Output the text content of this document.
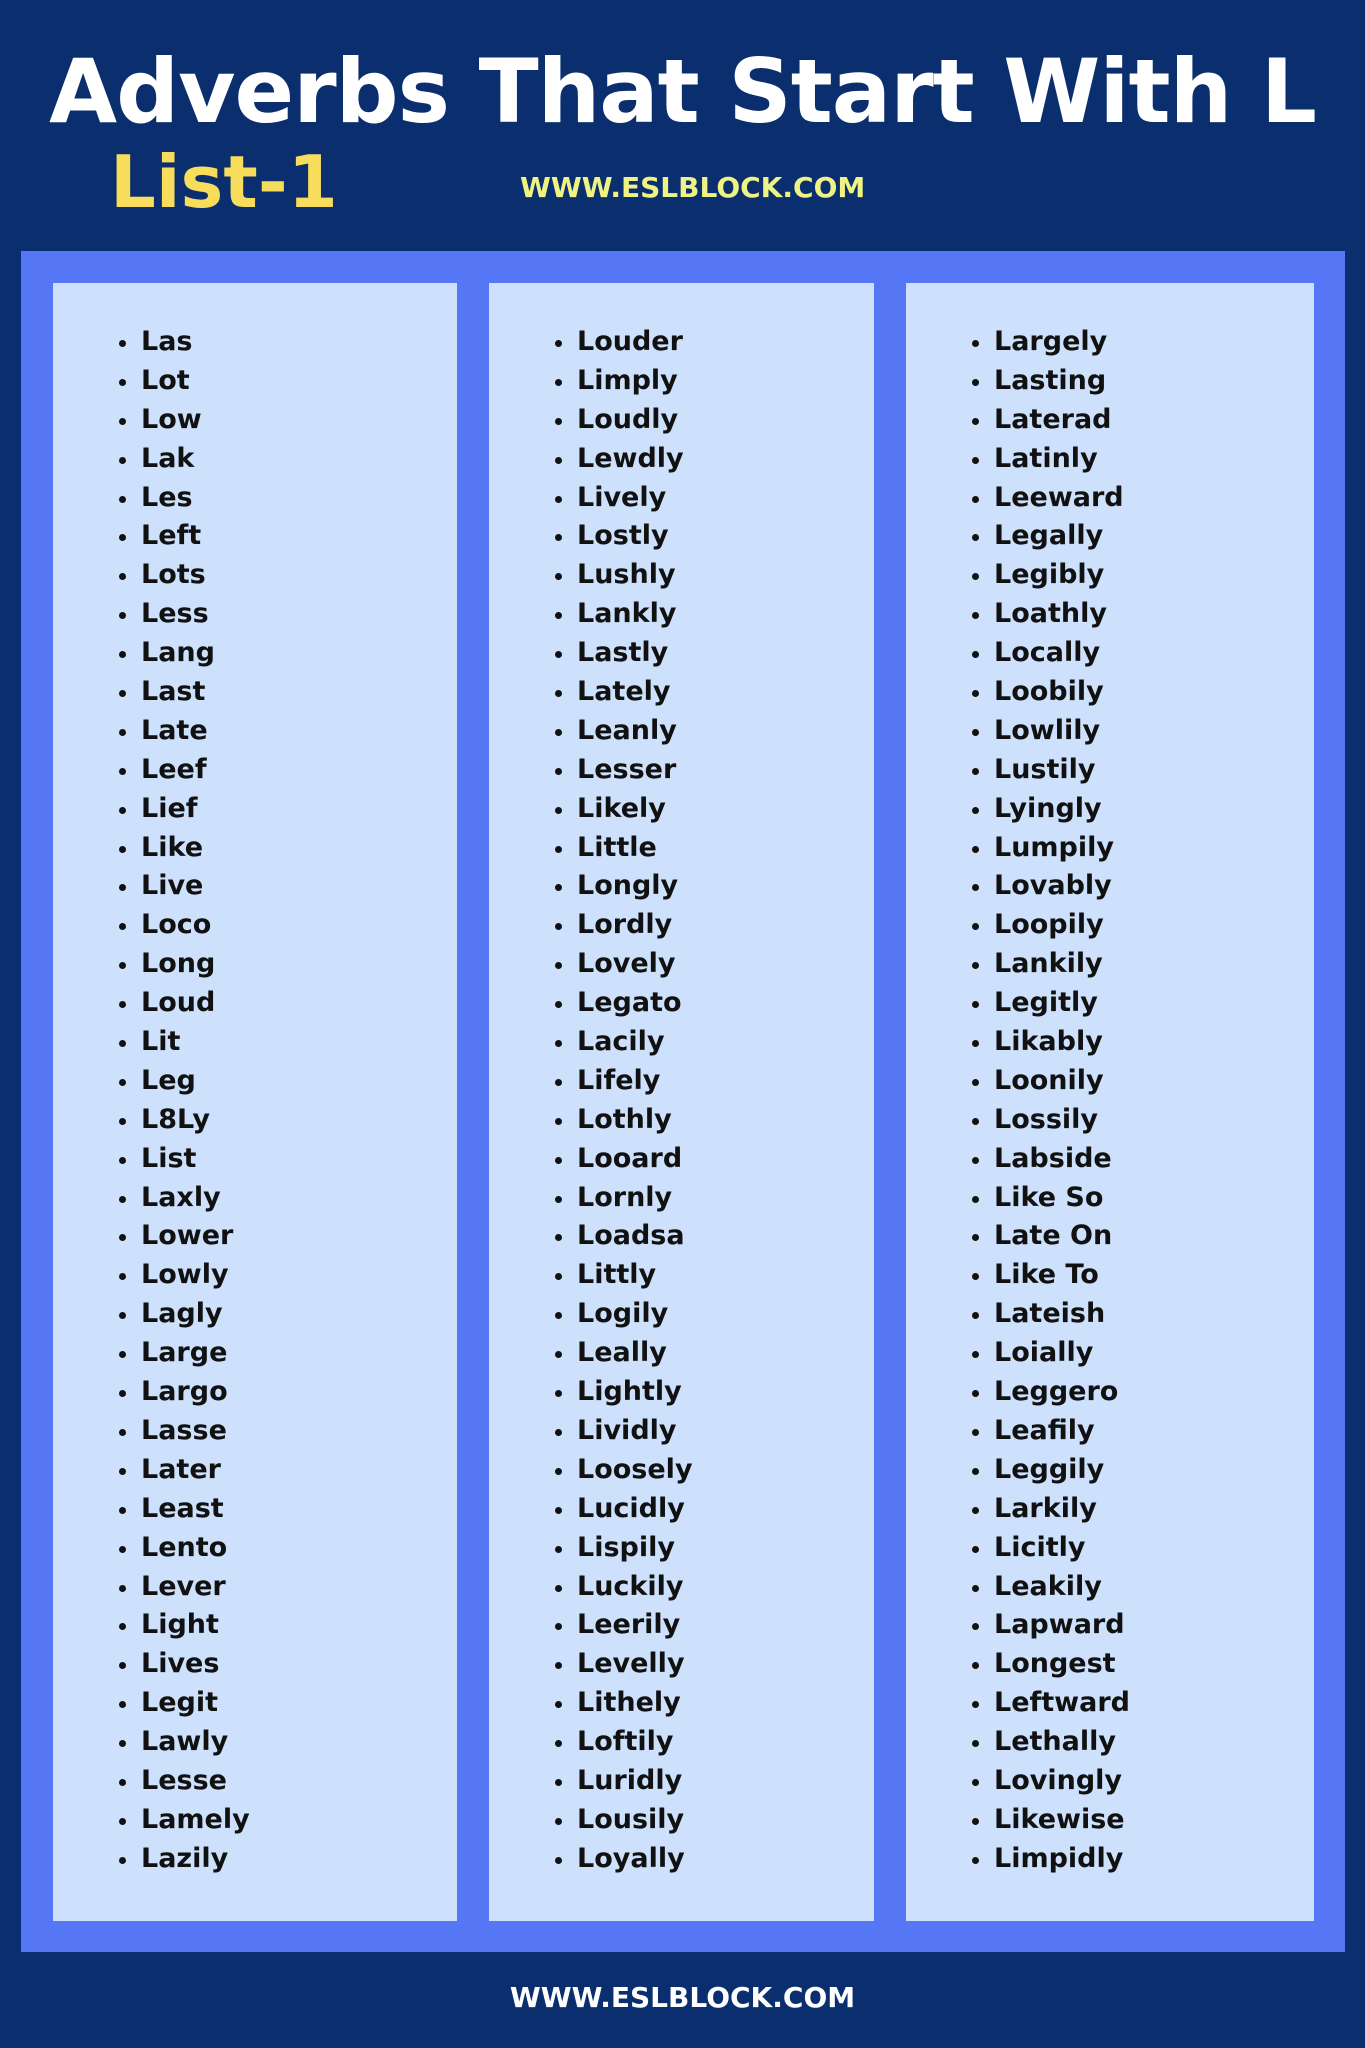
Adverbs That Start With L
List-1	WWW.ESLBLOCK.COM
Las
Lot
Low
Lak
Les
Left
Lots
Less
Lang
Last
Late
Leef
Lief
Like
Live
Loco
Long
Loud
Lit
Leg
L8Ly
List
Laxly
Lower
Lowly
Lagly
Large
Largo
Lasse
Later
Least
Lento
Lever
Light
Lives
Legit
Lawly
Lesse
Lamely
Lazily
Louder
Limply
Loudly
Lewdly
Lively
Lostly
Lushly
Lankly
Lastly
Lately
Leanly
Lesser
Likely
Little
Longly
Lordly
Lovely
Legato
Lacily
Lifely
Lothly
Looard
Lornly
Loadsa
Littly
Logily
Leally
Lightly
Lividly
Loosely
Lucidly
Lispily
Luckily
Leerily
Levelly
Lithely
Loftily
Luridly
Lousily
Loyally
Largely
Lasting
Laterad
Latinly
Leeward
Legally
Legibly
Loathly
Locally
Loobily
Lowlily
Lustily
Lyingly
Lumpily
Lovably
Loopily
Lankily
Legitly
Likably
Loonily
Lossily
Labside
Like So
Late On
Like To
Lateish
Loially
Leggero
Leafily
Leggily
Larkily
Licitly
Leakily
Lapward
Longest
Leftward
Lethally
Lovingly
Likewise
Limpidly
WWW.ESLBLOCK.COM
